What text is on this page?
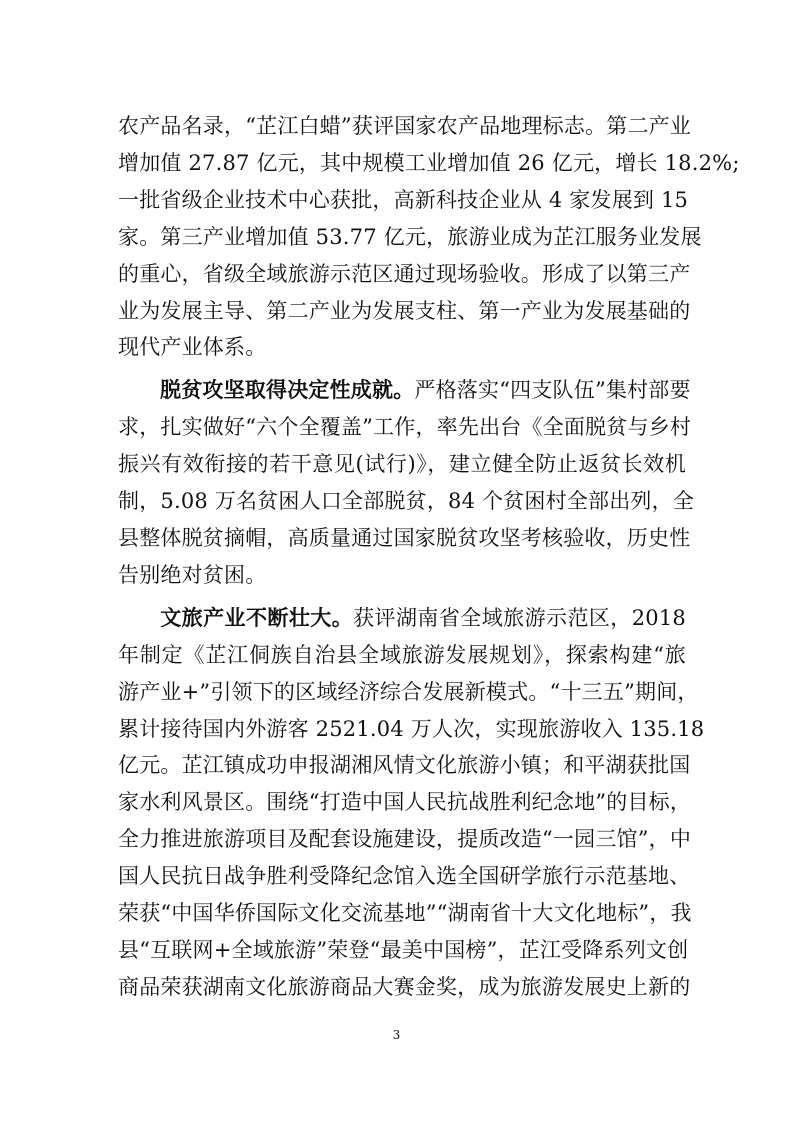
农产品名录，“芷江白蜡”获评国家农产品地理标志。第二产业
增加值 27.87 亿元，其中规模工业增加值 26 亿元，增长 18.2%;
一批省级企业技术中心获批，高新科技企业从 4 家发展到 15
家。第三产业增加值 53.77 亿元，旅游业成为芷江服务业发展
的重心，省级全域旅游示范区通过现场验收。形成了以第三产
业为发展主导、第二产业为发展支柱、第一产业为发展基础的
现代产业体系。

脱贫攻坚取得决定性成就。严格落实“四支队伍”集村部要
求，扎实做好“六个全覆盖”工作，率先出台《全面脱贫与乡村
振兴有效衔接的若干意见(试行)》，建立健全防止返贫长效机
制，5.08 万名贫困人口全部脱贫，84 个贫困村全部出列，全
县整体脱贫摘帽，高质量通过国家脱贫攻坚考核验收，历史性
告别绝对贫困。

文旅产业不断壮大。获评湖南省全域旅游示范区，2018
年制定《芷江侗族自治县全域旅游发展规划》，探索构建“旅
游产业+”引领下的区域经济综合发展新模式。“十三五”期间，
累计接待国内外游客 2521.04 万人次，实现旅游收入 135.18
亿元。芷江镇成功申报湖湘风情文化旅游小镇；和平湖获批国
家水利风景区。围绕“打造中国人民抗战胜利纪念地”的目标，
全力推进旅游项目及配套设施建设，提质改造“一园三馆”，中
国人民抗日战争胜利受降纪念馆入选全国研学旅行示范基地、
荣获“中国华侨国际文化交流基地”“湖南省十大文化地标”，我
县“互联网+全域旅游”荣登“最美中国榜”，芷江受降系列文创
商品荣获湖南文化旅游商品大赛金奖，成为旅游发展史上新的

3
